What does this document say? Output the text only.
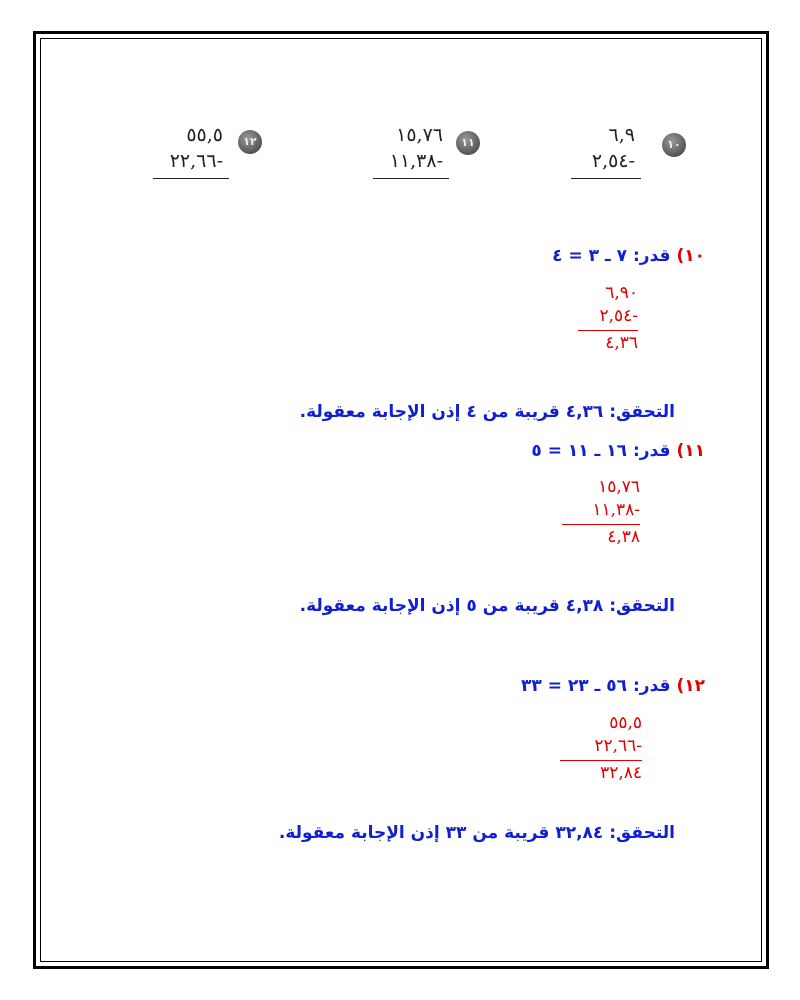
٥٥,٥
٢٢,٦٦-
١٢	١٥,٧٦
١١,٣٨-
١١	٦,٩
٢,٥٤-
١٠
١٠) قدر: ٧ ـ ٣ = ٤
٦,٩٠
٢,٥٤-
٤,٣٦
التحقق: ٤,٣٦ قريبة من ٤ إذن الإجابة معقولة.
١١) قدر: ١٦ ـ ١١ = ٥
١٥,٧٦
١١,٣٨-
٤,٣٨
التحقق: ٤,٣٨ قريبة من ٥ إذن الإجابة معقولة.
١٢) قدر: ٥٦ ـ ٢٣ = ٣٣
٥٥,٥
٢٢,٦٦-
٣٢,٨٤
التحقق: ٣٢,٨٤ قريبة من ٣٣ إذن الإجابة معقولة.
